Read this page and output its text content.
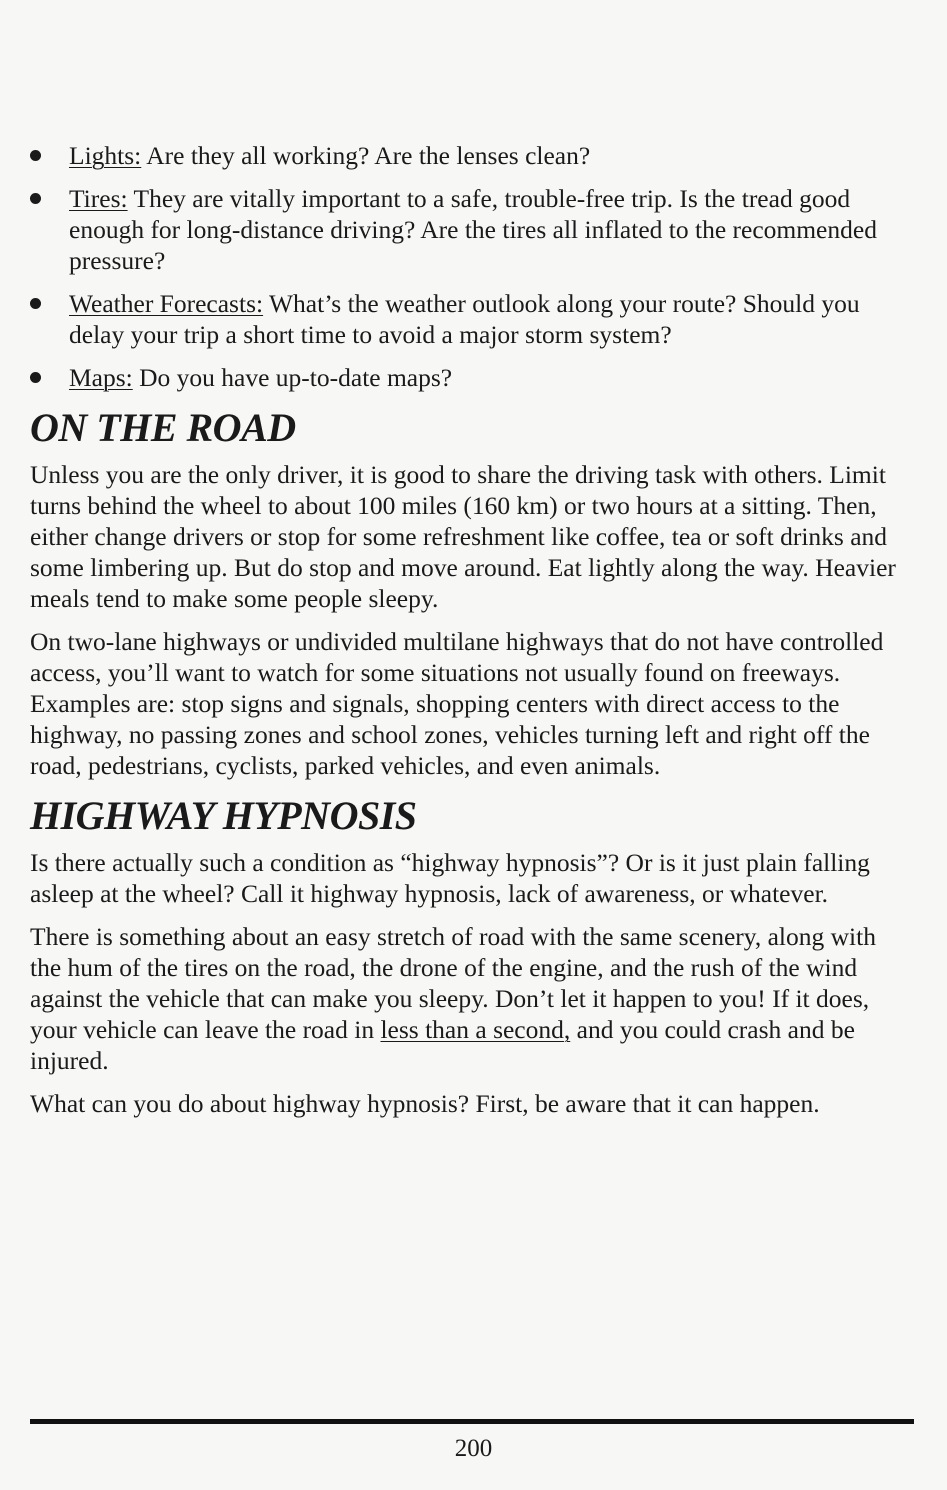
Lights: Are they all working? Are the lenses clean?
Tires: They are vitally important to a safe, trouble-free trip. Is the tread good enough for long-distance driving? Are the tires all inflated to the recommended pressure?
Weather Forecasts: What’s the weather outlook along your route? Should you delay your trip a short time to avoid a major storm system?
Maps: Do you have up-to-date maps?
ON THE ROAD

Unless you are the only driver, it is good to share the driving task with others. Limit turns behind the wheel to about 100 miles (160 km) or two hours at a sitting. Then, either change drivers or stop for some refreshment like coffee, tea or soft drinks and some limbering up. But do stop and move around. Eat lightly along the way. Heavier meals tend to make some people sleepy.

On two-lane highways or undivided multilane highways that do not have controlled access, you’ll want to watch for some situations not usually found on freeways. Examples are: stop signs and signals, shopping centers with direct access to the highway, no passing zones and school zones, vehicles turning left and right off the road, pedestrians, cyclists, parked vehicles, and even animals.

HIGHWAY HYPNOSIS

Is there actually such a condition as “highway hypnosis”? Or is it just plain falling asleep at the wheel? Call it highway hypnosis, lack of awareness, or whatever.

There is something about an easy stretch of road with the same scenery, along with the hum of the tires on the road, the drone of the engine, and the rush of the wind against the vehicle that can make you sleepy. Don’t let it happen to you! If it does, your vehicle can leave the road in less than a second, and you could crash and be injured.

What can you do about highway hypnosis? First, be aware that it can happen.

200
